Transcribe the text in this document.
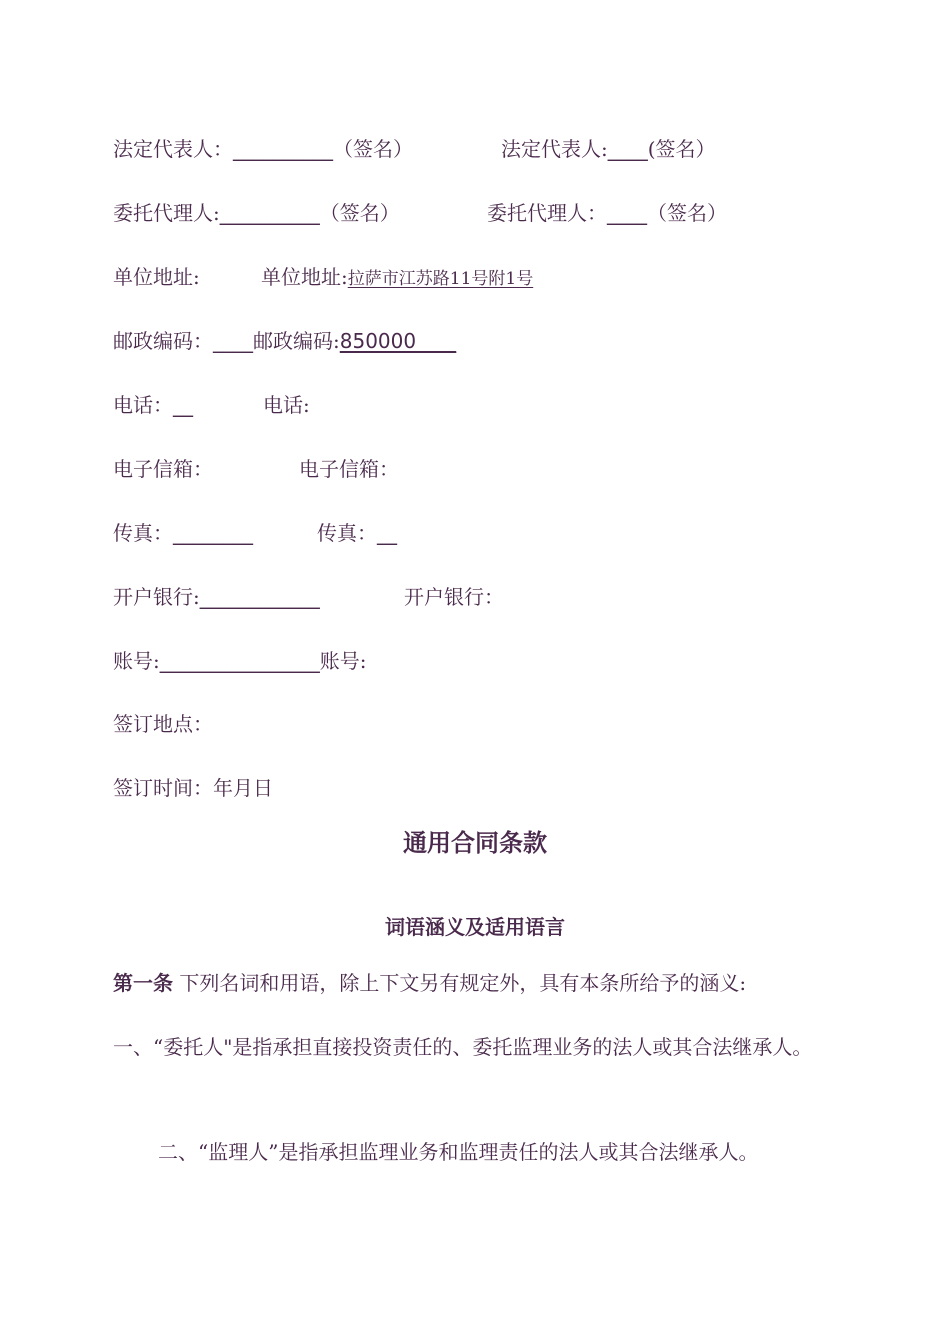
法定代表人：__________（签名）	法定代表人:____(签名）
委托代理人:__________（签名）	委托代理人：____（签名）
单位地址:	单位地址:拉萨市江苏路11号附1号
邮政编码：____邮政编码:850000____
电话：__	电话:
电子信箱：	电子信箱：
传真：________	传真：__
开户银行:____________	开户银行：
账号:________________账号:
签订地点：
签订时间：年月日
通用合同条款
词语涵义及适用语言
第一条 下列名词和用语，除上下文另有规定外，具有本条所给予的涵义:
一、“委托人"是指承担直接投资责任的、委托监理业务的法人或其合法继承人。
二、“监理人”是指承担监理业务和监理责任的法人或其合法继承人。
